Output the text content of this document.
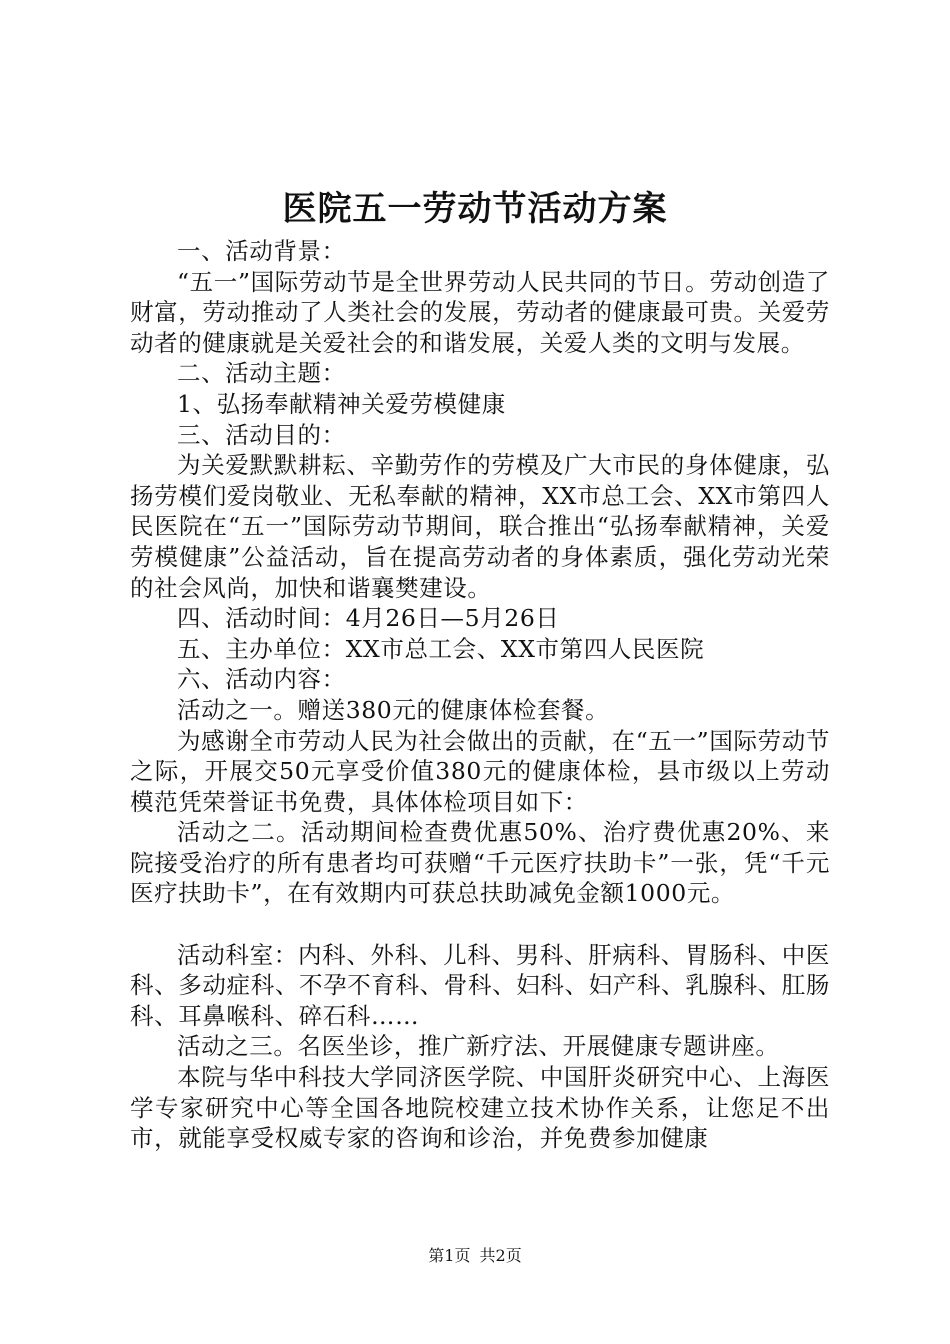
医院五一劳动节活动方案

一、活动背景：

“五一”国际劳动节是全世界劳动人民共同的节日。劳动创造了财富，劳动推动了人类社会的发展，劳动者的健康最可贵。关爱劳动者的健康就是关爱社会的和谐发展，关爱人类的文明与发展。

二、活动主题：

1、弘扬奉献精神关爱劳模健康

三、活动目的：

为关爱默默耕耘、辛勤劳作的劳模及广大市民的身体健康，弘扬劳模们爱岗敬业、无私奉献的精神，XX市总工会、XX市第四人民医院在“五一”国际劳动节期间，联合推出“弘扬奉献精神，关爱劳模健康”公益活动，旨在提高劳动者的身体素质，强化劳动光荣的社会风尚，加快和谐襄樊建设。

四、活动时间：4月26日—5月26日

五、主办单位：XX市总工会、XX市第四人民医院

六、活动内容：

活动之一。赠送380元的健康体检套餐。

为感谢全市劳动人民为社会做出的贡献，在“五一”国际劳动节之际，开展交50元享受价值380元的健康体检，县市级以上劳动模范凭荣誉证书免费，具体体检项目如下：

活动之二。活动期间检查费优惠50%、治疗费优惠20%、来院接受治疗的所有患者均可获赠“千元医疗扶助卡”一张，凭“千元医疗扶助卡”，在有效期内可获总扶助减免金额1000元。

活动科室：内科、外科、儿科、男科、肝病科、胃肠科、中医科、多动症科、不孕不育科、骨科、妇科、妇产科、乳腺科、肛肠科、耳鼻喉科、碎石科……

活动之三。名医坐诊，推广新疗法、开展健康专题讲座。

本院与华中科技大学同济医学院、中国肝炎研究中心、上海医学专家研究中心等全国各地院校建立技术协作关系，让您足不出市，就能享受权威专家的咨询和诊治，并免费参加健康

第1页 共2页
